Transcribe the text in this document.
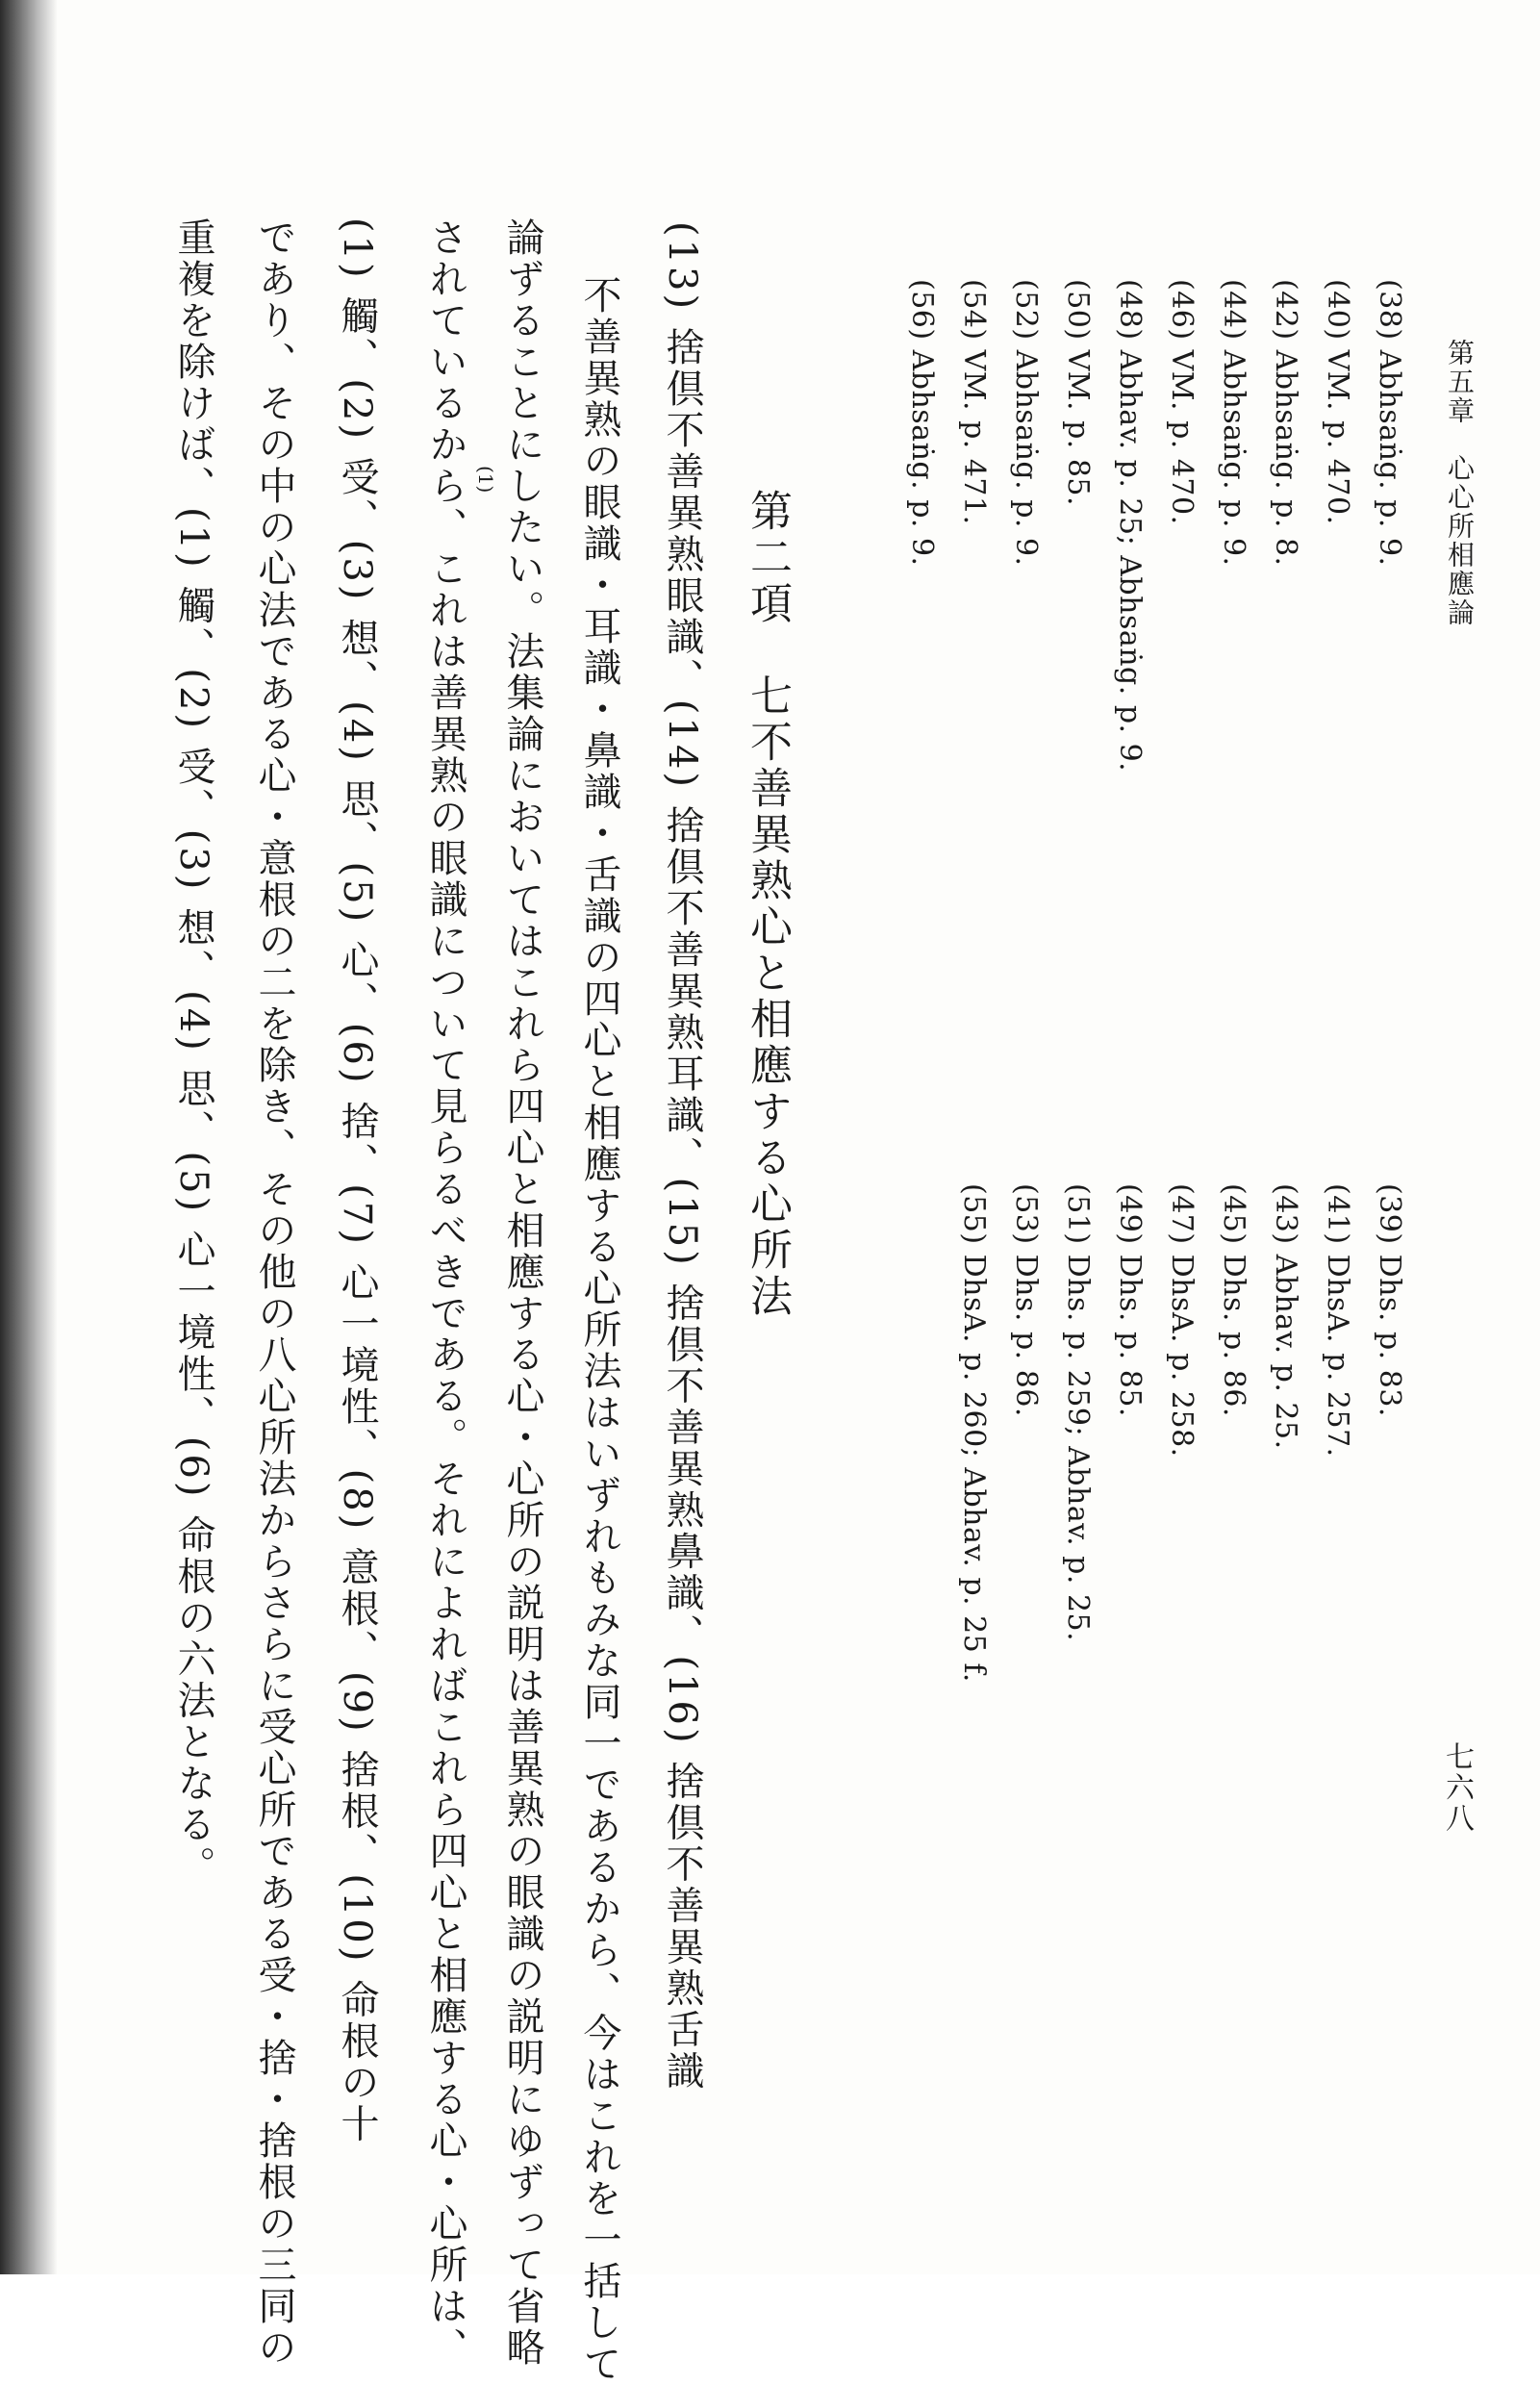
第五章　心心所相應論
七六八
(38) Abhsaṅg. p. 9.
(40) VM. p. 470.
(42) Abhsaṅg. p. 8.
(44) Abhsaṅg. p. 9.
(46) VM. p. 470.
(48) Abhav. p. 25; Abhsaṅg. p. 9.
(50) VM. p. 85.
(52) Abhsaṅg. p. 9.
(54) VM. p. 471.
(56) Abhsaṅg. p. 9.
(39) Dhs. p. 83.
(41) DhsA. p. 257.
(43) Abhav. p. 25.
(45) Dhs. p. 86.
(47) DhsA. p. 258.
(49) Dhs. p. 85.
(51) Dhs. p. 259; Abhav. p. 25.
(53) Dhs. p. 86.
(55) DhsA. p. 260; Abhav. p. 25 f.
第二項　七不善異熟心と相應する心所法
(13) 捨倶不善異熟眼識、(14) 捨倶不善異熟耳識、(15) 捨倶不善異熟鼻識、(16) 捨倶不善異熟舌識
不善異熟の眼識・耳識・鼻識・舌識の四心と相應する心所法はいずれもみな同一であるから、今はこれを一括して
論ずることにしたい。法集論においてはこれら四心と相應する心・心所の説明は善異熟の眼識の説明にゆずって省略
されているから、これは善異熟の眼識について見らるべきである。それによればこれら四心と相應する心・心所は、 (1)
(1) 觸、(2) 受、(3) 想、(4) 思、(5) 心、(6) 捨、(7) 心一境性、(8) 意根、(9) 捨根、(10) 命根の十
であり、その中の心法である心・意根の二を除き、その他の八心所法からさらに受心所である受・捨・捨根の三同の
重複を除けば、(1) 觸、(2) 受、(3) 想、(4) 思、(5) 心一境性、(6) 命根の六法となる。
